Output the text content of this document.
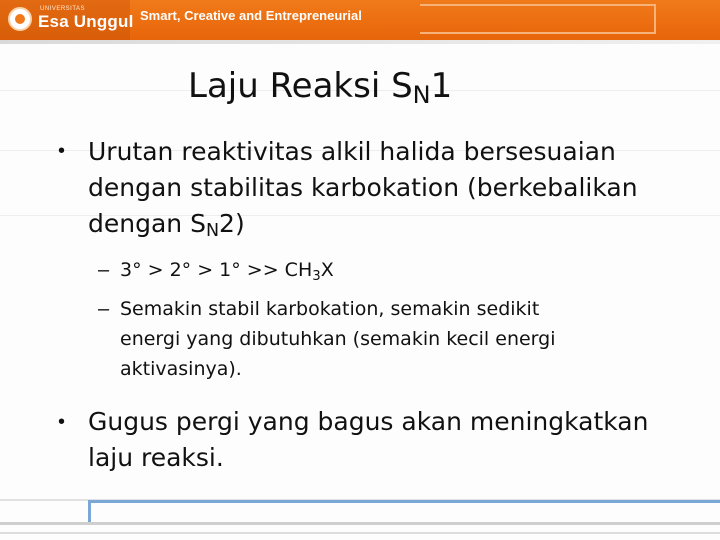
UNIVERSITAS
Esa Unggul Smart, Creative and Entrepreneurial
Laju Reaksi $S_N1$
• Urutan reaktivitas alkil halida bersesuaian
dengan stabilitas karbokation (berkebalikan
dengan $S_N2$)
– $3^\circ > 2^\circ > 1^\circ >> CH_3X$
– Semakin stabil karbokation, semakin sedikit
energi yang dibutuhkan (semakin kecil energi
aktivasinya).
• Gugus pergi yang bagus akan meningkatkan
laju reaksi.
